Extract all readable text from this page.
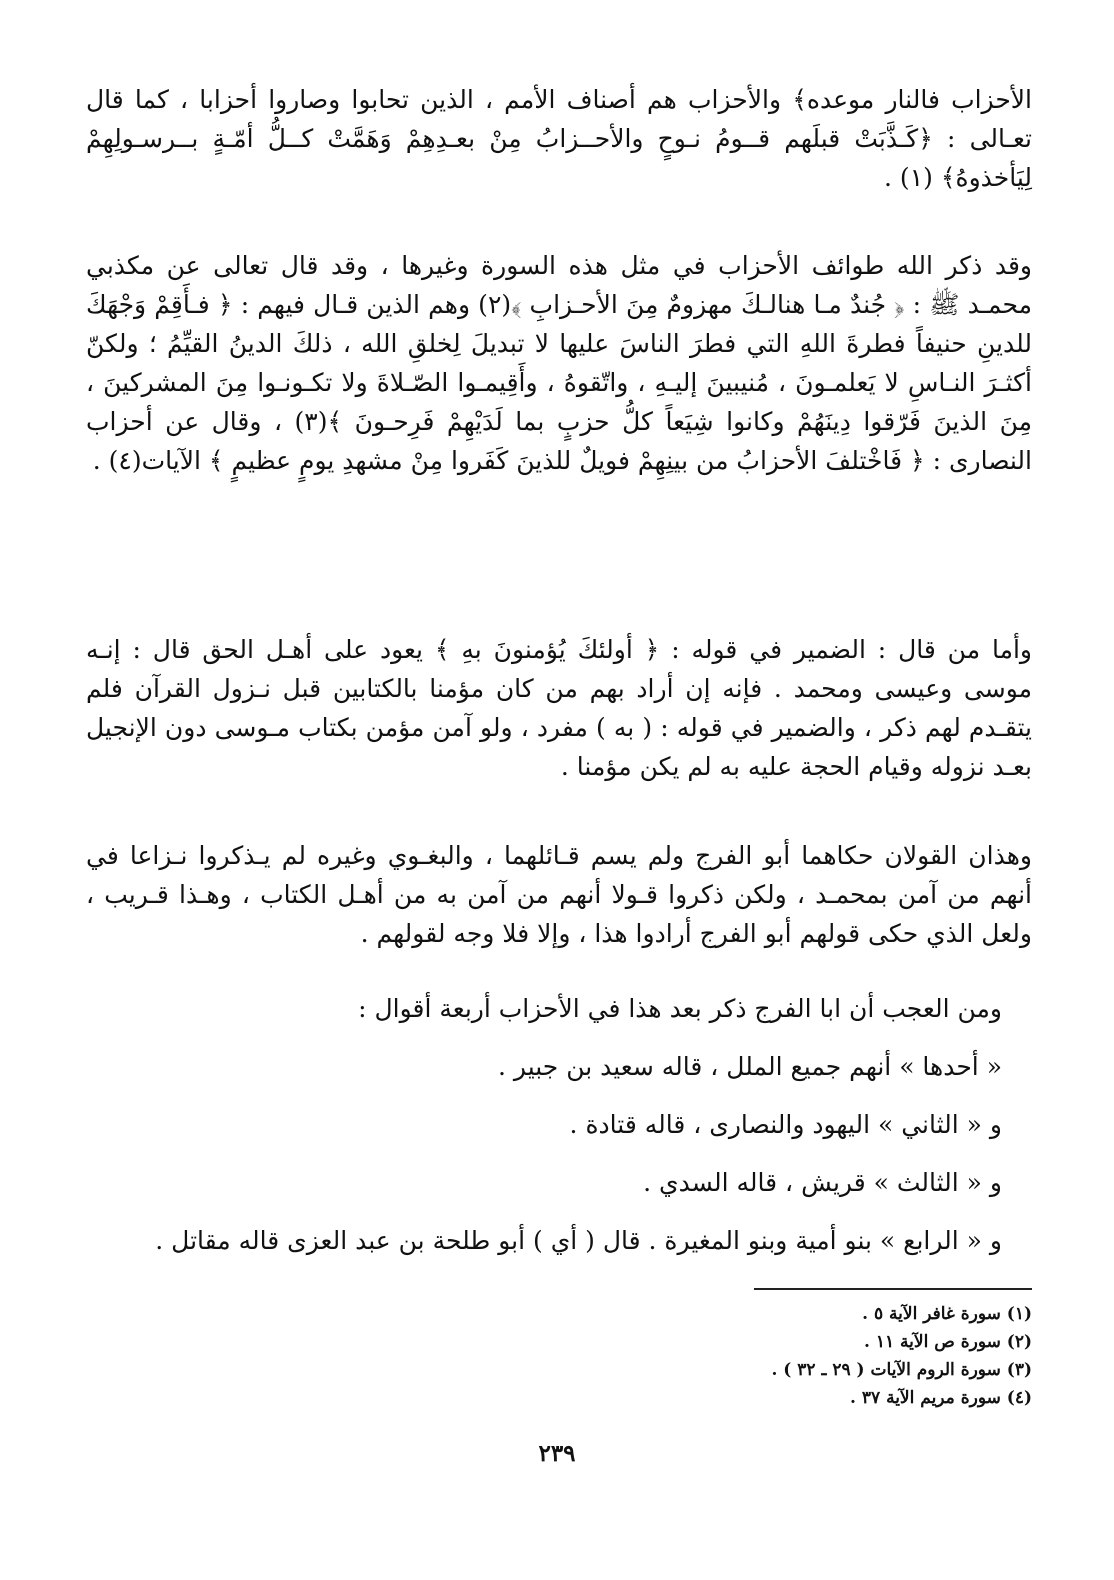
الأحزاب فالنار موعده﴾ والأحزاب هم أصناف الأمم ، الذين تحابوا وصاروا أحزابا ، كما قال تعـالى : ﴿كَـذَّبَتْ قبلَهم قــومُ نـوحٍ والأحــزابُ مِنْ بعـدِهِمْ وَهَمَّتْ كــلُّ أمّـةٍ بــرسـولِهِمْ لِيَأخذوهُ﴾ (١) .

وقد ذكر الله طوائف الأحزاب في مثل هذه السورة وغيرها ، وقد قال تعالى عن مكذبي محمـد ﷺ : ﴿ جُندٌ مـا هنالـكَ مهزومٌ مِنَ الأحـزابِ ﴾(٢) وهم الذين قـال فيهم : ﴿ فـأَقِمْ وَجْهَكَ للدينِ حنيفاً فطرةَ اللهِ التي فطرَ الناسَ عليها لا تبديلَ لِخلقِ الله ، ذلكَ الدينُ القيِّمُ ؛ ولكنّ أكثـرَ النـاسِ لا يَعلمـونَ ، مُنيبينَ إليـهِ ، واتّقوهُ ، وأَقِيمـوا الصّـلاةَ ولا تكـونـوا مِنَ المشركينَ ، مِنَ الذينَ فَرّقوا دِينَهُمْ وكانوا شِيَعاً كلُّ حزبٍ بما لَدَيْهِمْ فَرِحـونَ ﴾(٣) ، وقال عن أحزاب النصارى : ﴿ فَاخْتلفَ الأحزابُ من بينِهِمْ فويلٌ للذينَ كَفَروا مِنْ مشهدِ يومٍ عظيمٍ ﴾ الآيات(٤) .

وأما من قال : الضمير في قوله : ﴿ أولئكَ يُؤمنونَ بهِ ﴾ يعود على أهـل الحق قال : إنـه موسى وعيسى ومحمد . فإنه إن أراد بهم من كان مؤمنا بالكتابين قبل نـزول القرآن فلم يتقـدم لهم ذكر ، والضمير في قوله : ( به ) مفرد ، ولو آمن مؤمن بكتاب مـوسى دون الإنجيل بعـد نزوله وقيام الحجة عليه به لم يكن مؤمنا .

وهذان القولان حكاهما أبو الفرج ولم يسم قـائلهما ، والبغـوي وغيره لم يـذكروا نـزاعا في أنهم من آمن بمحمـد ، ولكن ذكروا قـولا أنهم من آمن به من أهـل الكتاب ، وهـذا قـريب ، ولعل الذي حكى قولهم أبو الفرج أرادوا هذا ، وإلا فلا وجه لقولهم .

ومن العجب أن ابا الفرج ذكر بعد هذا في الأحزاب أربعة أقوال :
« أحدها » أنهم جميع الملل ، قاله سعيد بن جبير .
و « الثاني » اليهود والنصارى ، قاله قتادة .
و « الثالث » قريش ، قاله السدي .
و « الرابع » بنو أمية وبنو المغيرة . قال ( أي ) أبو طلحة بن عبد العزى قاله مقاتل .
(١) سورة غافر الآية ٥ .
(٢) سورة ص الآية ١١ .
(٣) سورة الروم الآيات ( ٢٩ ـ ٣٢ ) .
(٤) سورة مريم الآية ٣٧ .
٢٣٩
